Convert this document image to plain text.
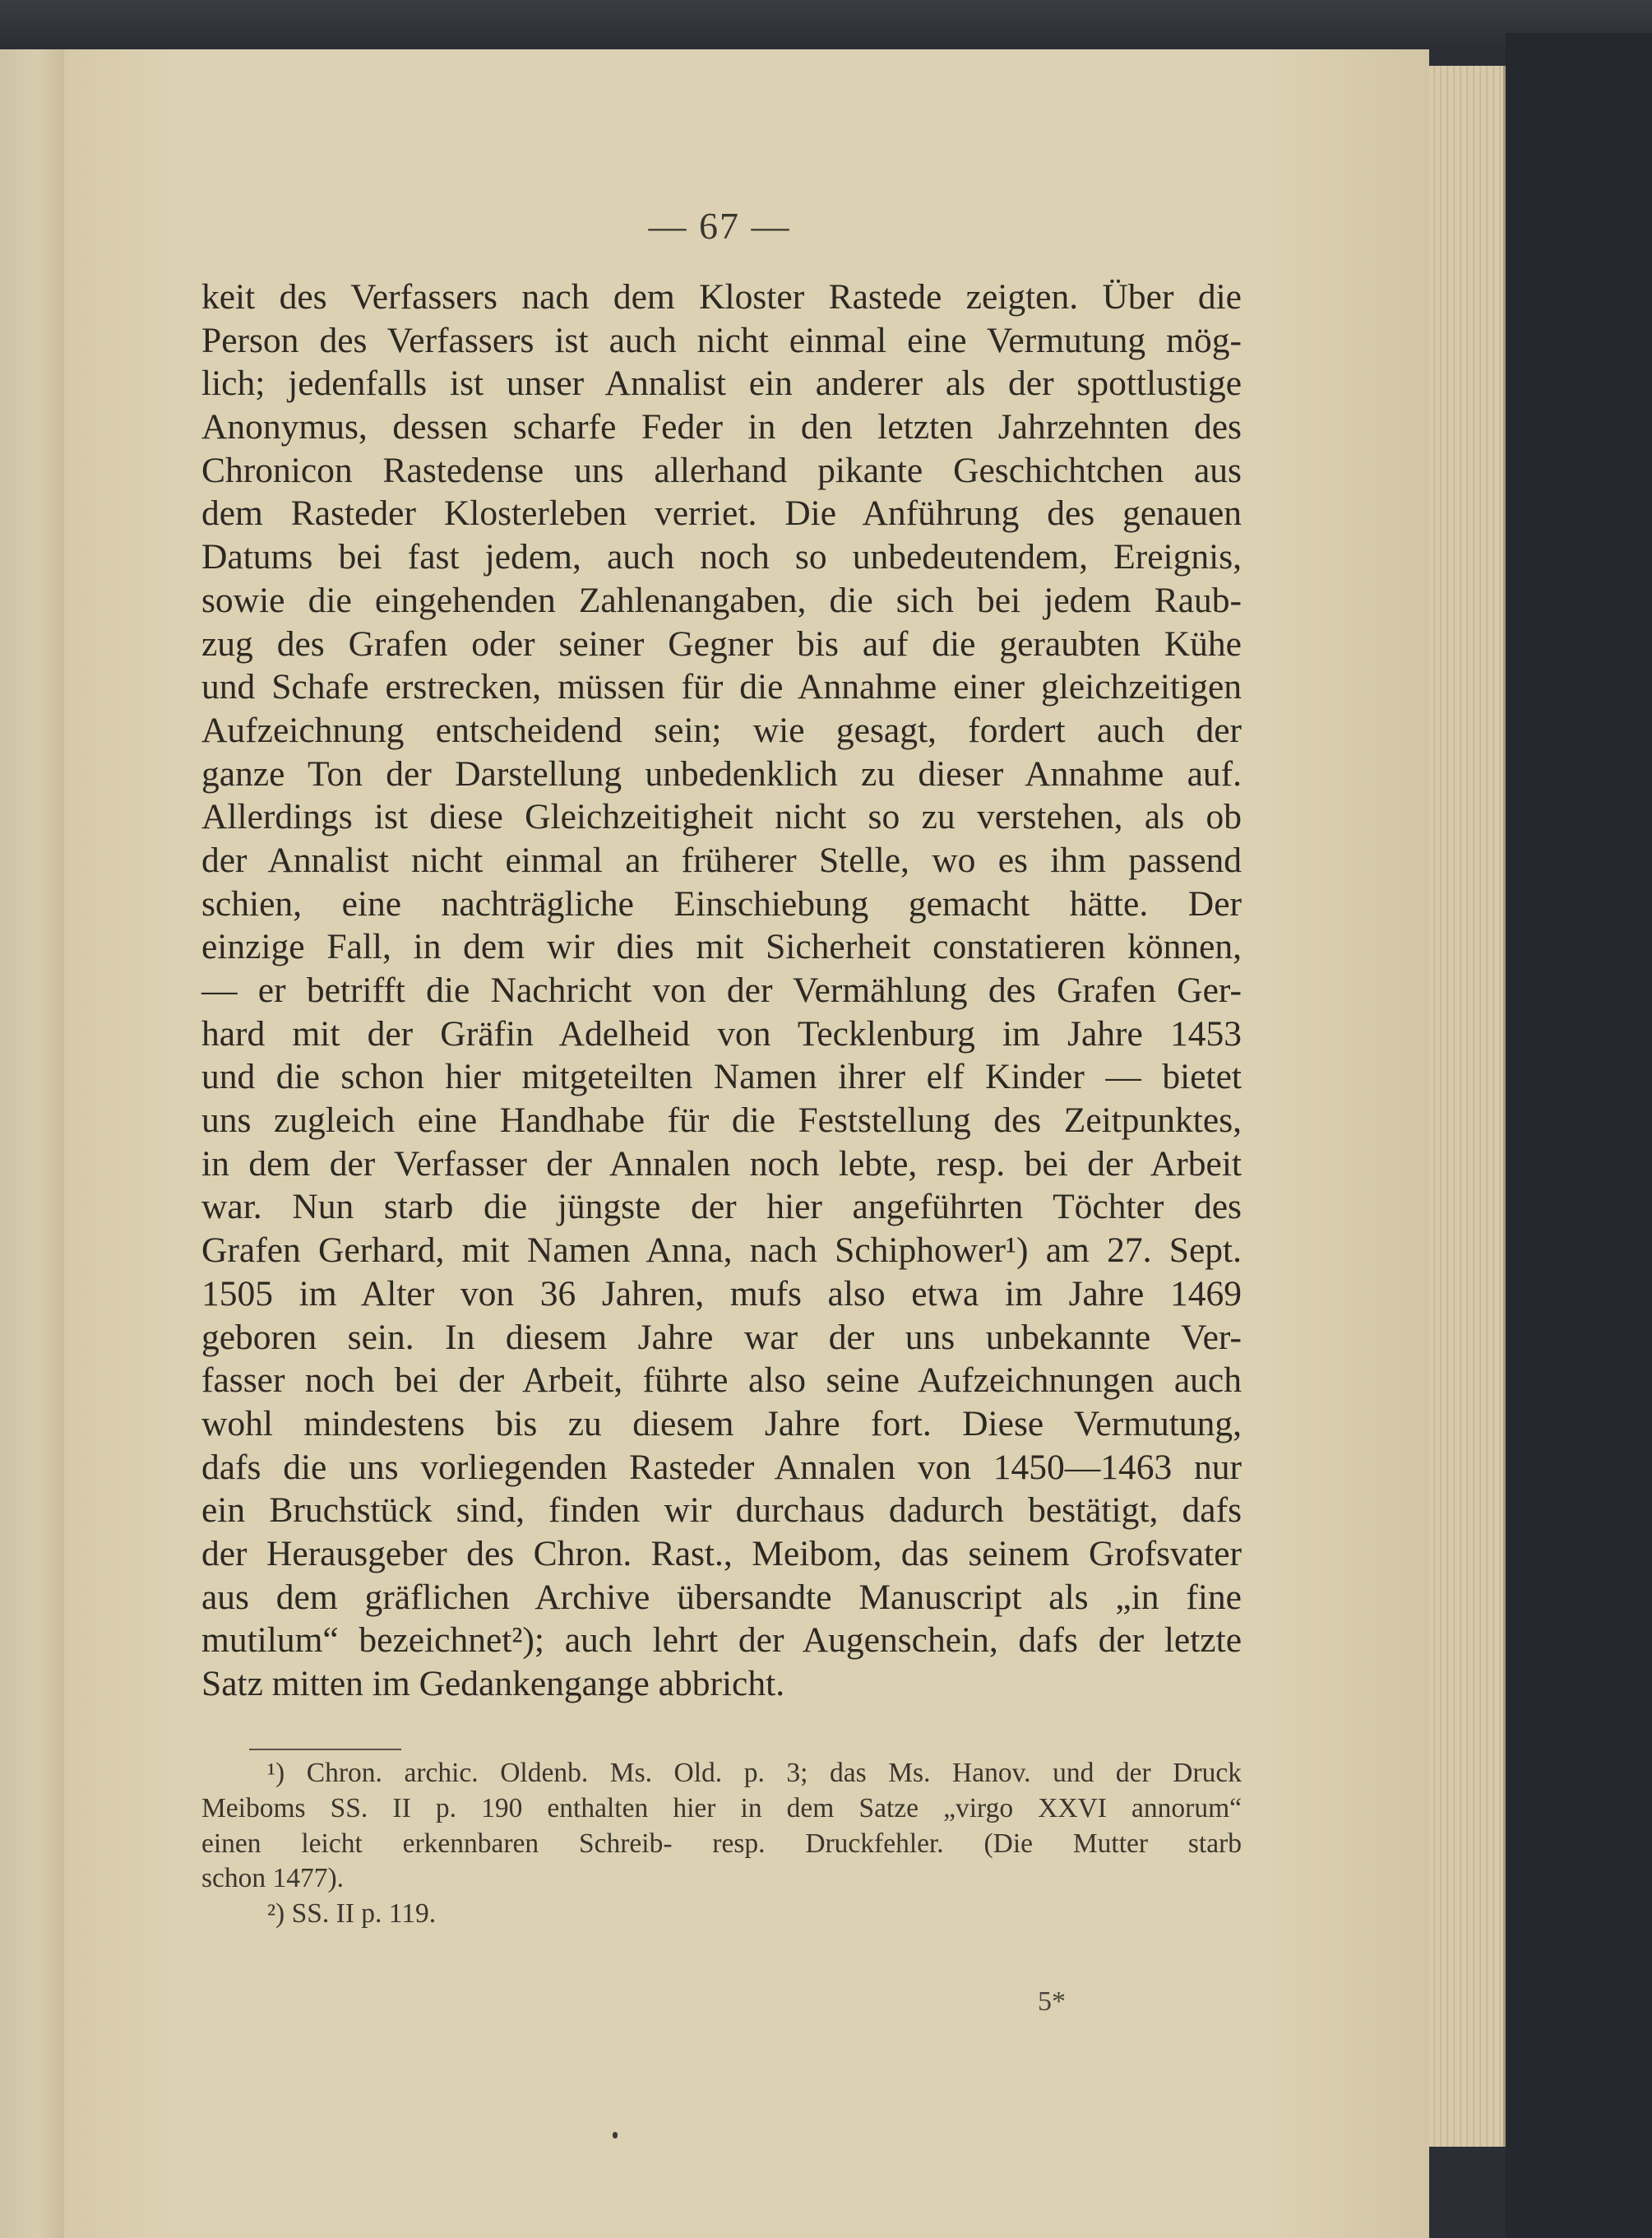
— 67 —
keit des Verfassers nach dem Kloster Rastede zeigten. Über die
Person des Verfassers ist auch nicht einmal eine Vermutung mög-
lich; jedenfalls ist unser Annalist ein anderer als der spottlustige
Anonymus, dessen scharfe Feder in den letzten Jahrzehnten des
Chronicon Rastedense uns allerhand pikante Geschichtchen aus
dem Rasteder Klosterleben verriet. Die Anführung des genauen
Datums bei fast jedem, auch noch so unbedeutendem, Ereignis,
sowie die eingehenden Zahlenangaben, die sich bei jedem Raub-
zug des Grafen oder seiner Gegner bis auf die geraubten Kühe
und Schafe erstrecken, müssen für die Annahme einer gleichzeitigen
Aufzeichnung entscheidend sein; wie gesagt, fordert auch der
ganze Ton der Darstellung unbedenklich zu dieser Annahme auf.
Allerdings ist diese Gleichzeitigheit nicht so zu verstehen, als ob
der Annalist nicht einmal an früherer Stelle, wo es ihm passend
schien, eine nachträgliche Einschiebung gemacht hätte. Der
einzige Fall, in dem wir dies mit Sicherheit constatieren können,
— er betrifft die Nachricht von der Vermählung des Grafen Ger-
hard mit der Gräfin Adelheid von Tecklenburg im Jahre 1453
und die schon hier mitgeteilten Namen ihrer elf Kinder — bietet
uns zugleich eine Handhabe für die Feststellung des Zeitpunktes,
in dem der Verfasser der Annalen noch lebte, resp. bei der Arbeit
war. Nun starb die jüngste der hier angeführten Töchter des
Grafen Gerhard, mit Namen Anna, nach Schiphower¹) am 27. Sept.
1505 im Alter von 36 Jahren, mufs also etwa im Jahre 1469
geboren sein. In diesem Jahre war der uns unbekannte Ver-
fasser noch bei der Arbeit, führte also seine Aufzeichnungen auch
wohl mindestens bis zu diesem Jahre fort. Diese Vermutung,
dafs die uns vorliegenden Rasteder Annalen von 1450—1463 nur
ein Bruchstück sind, finden wir durchaus dadurch bestätigt, dafs
der Herausgeber des Chron. Rast., Meibom, das seinem Grofsvater
aus dem gräflichen Archive übersandte Manuscript als „in fine
mutilum“ bezeichnet²); auch lehrt der Augenschein, dafs der letzte
Satz mitten im Gedankengange abbricht.
¹) Chron. archic. Oldenb. Ms. Old. p. 3; das Ms. Hanov. und der Druck
Meiboms SS. II p. 190 enthalten hier in dem Satze „virgo XXVI annorum“
einen leicht erkennbaren Schreib- resp. Druckfehler. (Die Mutter starb
schon 1477).
²) SS. II p. 119.
5*
